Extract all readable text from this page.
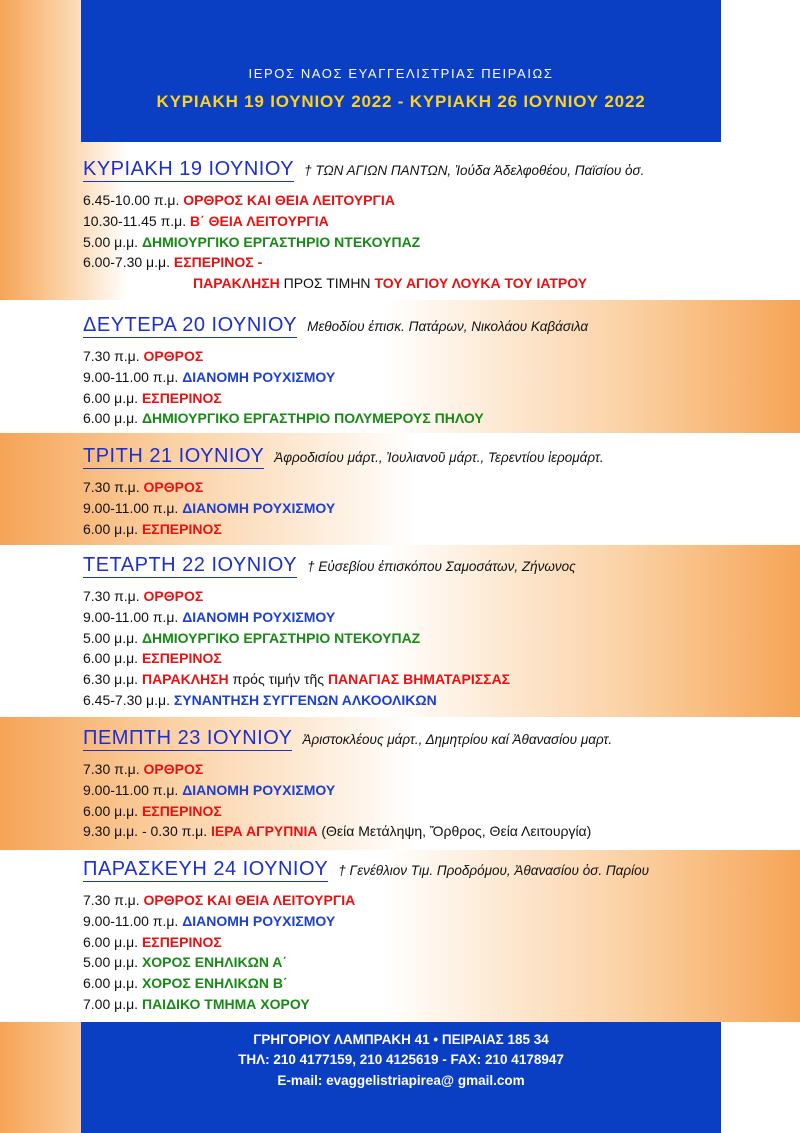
ΙΕΡΟΣ ΝΑΟΣ ΕΥΑΓΓΕΛΙΣΤΡΙΑΣ ΠΕΙΡΑΙΩΣ
ΚΥΡΙΑΚΗ 19 ΙΟΥΝΙΟΥ 2022 - ΚΥΡΙΑΚΗ 26 ΙΟΥΝΙΟΥ 2022
ΚΥΡΙΑΚΗ 19 ΙΟΥΝΙΟΥ † ΤΩΝ ΑΓΙΩΝ ΠΑΝΤΩΝ, Ἰούδα Ἀδελφοθέου, Παϊσίου ὁσ.
6.45-10.00 π.μ. ΟΡΘΡΟΣ ΚΑΙ ΘΕΙΑ ΛΕΙΤΟΥΡΓΙΑ
10.30-11.45 π.μ. Β΄ ΘΕΙΑ ΛΕΙΤΟΥΡΓΙΑ
5.00 μ.μ. ΔΗΜΙΟΥΡΓΙΚΟ ΕΡΓΑΣΤΗΡΙΟ ΝΤΕΚΟΥΠΑΖ
6.00-7.30 μ.μ. ΕΣΠΕΡΙΝΟΣ -
ΠΑΡΑΚΛΗΣΗ ΠΡΟΣ ΤΙΜΗΝ ΤΟΥ ΑΓΙΟΥ ΛΟΥΚΑ ΤΟΥ ΙΑΤΡΟΥ
ΔΕΥΤΕΡΑ 20 ΙΟΥΝΙΟΥ Μεθοδίου ἐπισκ. Πατάρων, Νικολάου Καβάσιλα
7.30 π.μ. ΟΡΘΡΟΣ
9.00-11.00 π.μ. ΔΙΑΝΟΜΗ ΡΟΥΧΙΣΜΟΥ
6.00 μ.μ. ΕΣΠΕΡΙΝΟΣ
6.00 μ.μ. ΔΗΜΙΟΥΡΓΙΚΟ ΕΡΓΑΣΤΗΡΙΟ ΠΟΛΥΜΕΡΟΥΣ ΠΗΛΟΥ
ΤΡΙΤΗ 21 ΙΟΥΝΙΟΥ Ἀφροδισίου μάρτ., Ἰουλιανοῦ μάρτ., Τερεντίου ἱερομάρτ.
7.30 π.μ. ΟΡΘΡΟΣ
9.00-11.00 π.μ. ΔΙΑΝΟΜΗ ΡΟΥΧΙΣΜΟΥ
6.00 μ.μ. ΕΣΠΕΡΙΝΟΣ
ΤΕΤΑΡΤΗ 22 ΙΟΥΝΙΟΥ † Εὐσεβίου ἐπισκόπου Σαμοσάτων, Ζήνωνος
7.30 π.μ. ΟΡΘΡΟΣ
9.00-11.00 π.μ. ΔΙΑΝΟΜΗ ΡΟΥΧΙΣΜΟΥ
5.00 μ.μ. ΔΗΜΙΟΥΡΓΙΚΟ ΕΡΓΑΣΤΗΡΙΟ ΝΤΕΚΟΥΠΑΖ
6.00 μ.μ. ΕΣΠΕΡΙΝΟΣ
6.30 μ.μ. ΠΑΡΑΚΛΗΣΗ πρός τιμήν τῆς ΠΑΝΑΓΙΑΣ ΒΗΜΑΤΑΡΙΣΣΑΣ
6.45-7.30 μ.μ. ΣΥΝΑΝΤΗΣΗ ΣΥΓΓΕΝΩΝ ΑΛΚΟΟΛΙΚΩΝ
ΠΕΜΠΤΗ 23 ΙΟΥΝΙΟΥ Ἀριστοκλέους μάρτ., Δημητρίου καί Ἀθανασίου μαρτ.
7.30 π.μ. ΟΡΘΡΟΣ
9.00-11.00 π.μ. ΔΙΑΝΟΜΗ ΡΟΥΧΙΣΜΟΥ
6.00 μ.μ. ΕΣΠΕΡΙΝΟΣ
9.30 μ.μ. - 0.30 π.μ. ΙΕΡΑ ΑΓΡΥΠΝΙΑ (Θεία Μετάληψη, Ὄρθρος, Θεία Λειτουργία)
ΠΑΡΑΣΚΕΥΗ 24 ΙΟΥΝΙΟΥ † Γενέθλιον Τιμ. Προδρόμου, Ἀθανασίου ὁσ. Παρίου
7.30 π.μ. ΟΡΘΡΟΣ ΚΑΙ ΘΕΙΑ ΛΕΙΤΟΥΡΓΙΑ
9.00-11.00 π.μ. ΔΙΑΝΟΜΗ ΡΟΥΧΙΣΜΟΥ
6.00 μ.μ. ΕΣΠΕΡΙΝΟΣ
5.00 μ.μ. ΧΟΡΟΣ ΕΝΗΛΙΚΩΝ Α΄
6.00 μ.μ. ΧΟΡΟΣ ΕΝΗΛΙΚΩΝ Β΄
7.00 μ.μ. ΠΑΙΔΙΚΟ ΤΜΗΜΑ ΧΟΡΟΥ
ΓΡΗΓΟΡΙΟΥ ΛΑΜΠΡΑΚΗ 41 • ΠΕΙΡΑΙΑΣ 185 34
ΤΗΛ: 210 4177159, 210 4125619 - FAX: 210 4178947
E-mail: evaggelistriapirea@ gmail.com
